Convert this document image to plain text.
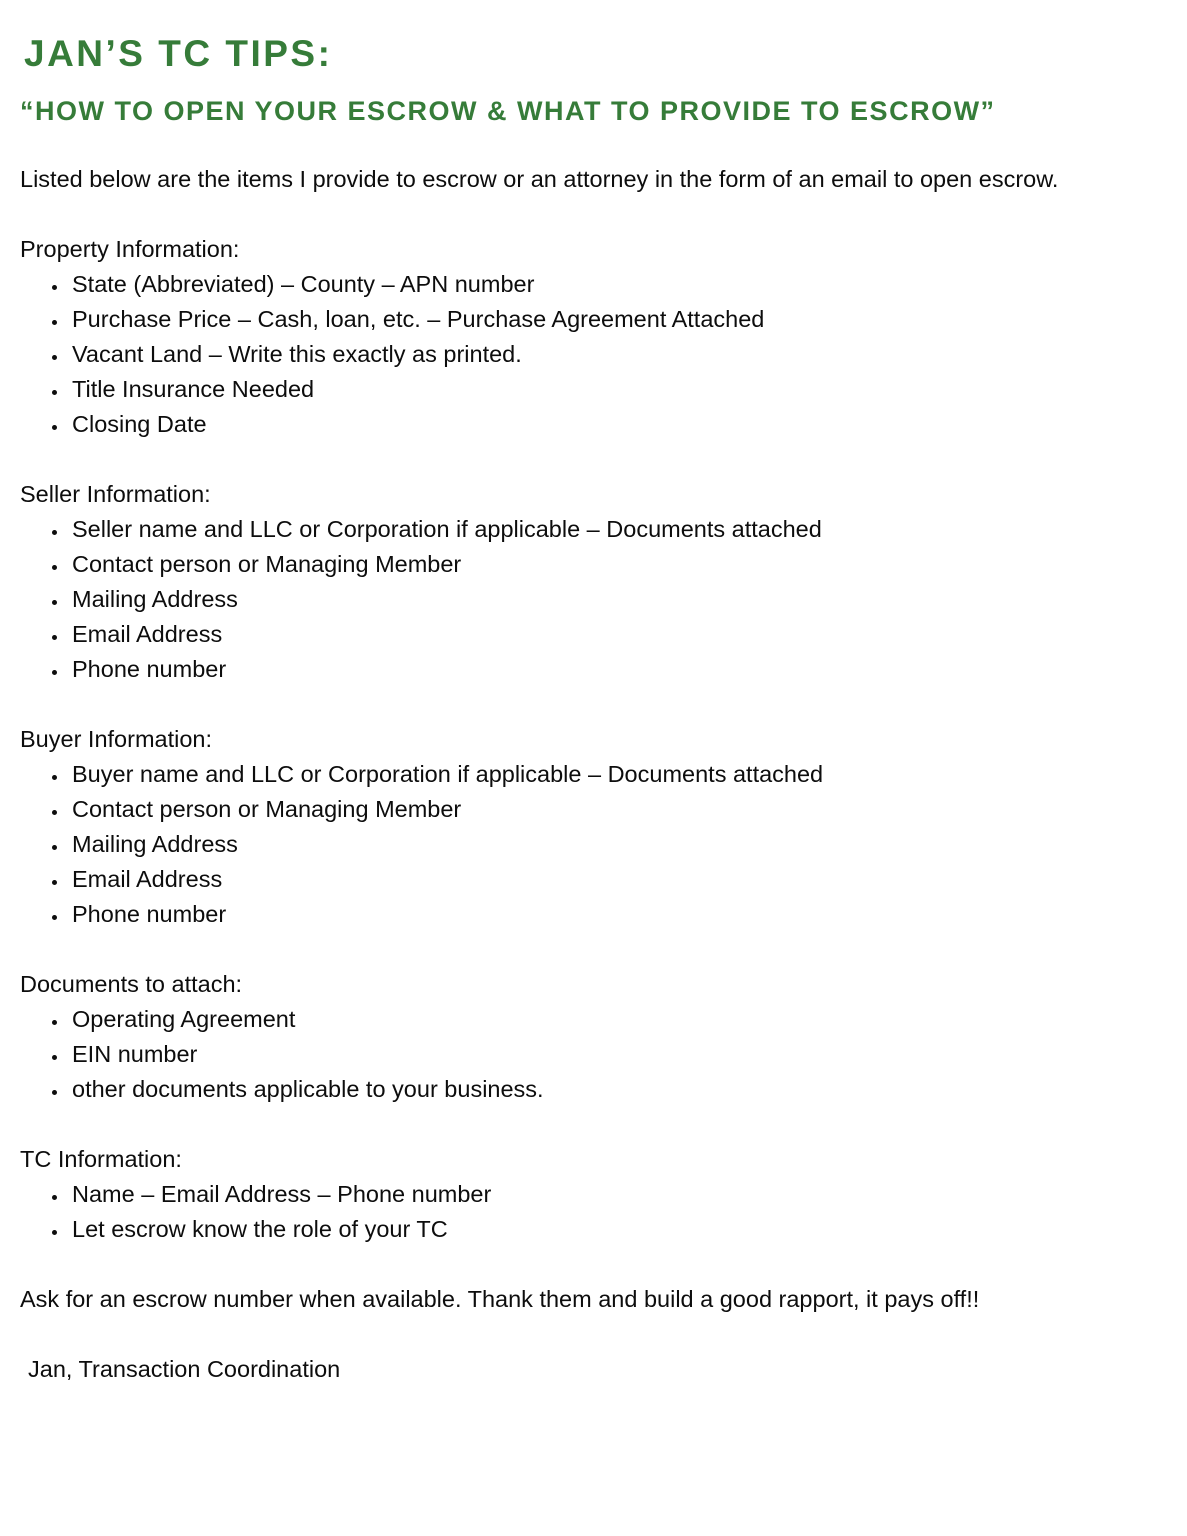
JAN’S TC TIPS:
“HOW TO OPEN YOUR ESCROW & WHAT TO PROVIDE TO ESCROW”

Listed below are the items I provide to escrow or an attorney in the form of an email to open escrow.

Property Information:

• State (Abbreviated) – County – APN number
• Purchase Price – Cash, loan, etc. – Purchase Agreement Attached
• Vacant Land – Write this exactly as printed.
• Title Insurance Needed
• Closing Date

Seller Information:

• Seller name and LLC or Corporation if applicable – Documents attached
• Contact person or Managing Member
• Mailing Address
• Email Address
• Phone number

Buyer Information:

• Buyer name and LLC or Corporation if applicable – Documents attached
• Contact person or Managing Member
• Mailing Address
• Email Address
• Phone number

Documents to attach:

• Operating Agreement
• EIN number
• other documents applicable to your business.

TC Information:

• Name – Email Address – Phone number
• Let escrow know the role of your TC

Ask for an escrow number when available. Thank them and build a good rapport, it pays off!!

Jan, Transaction Coordination
